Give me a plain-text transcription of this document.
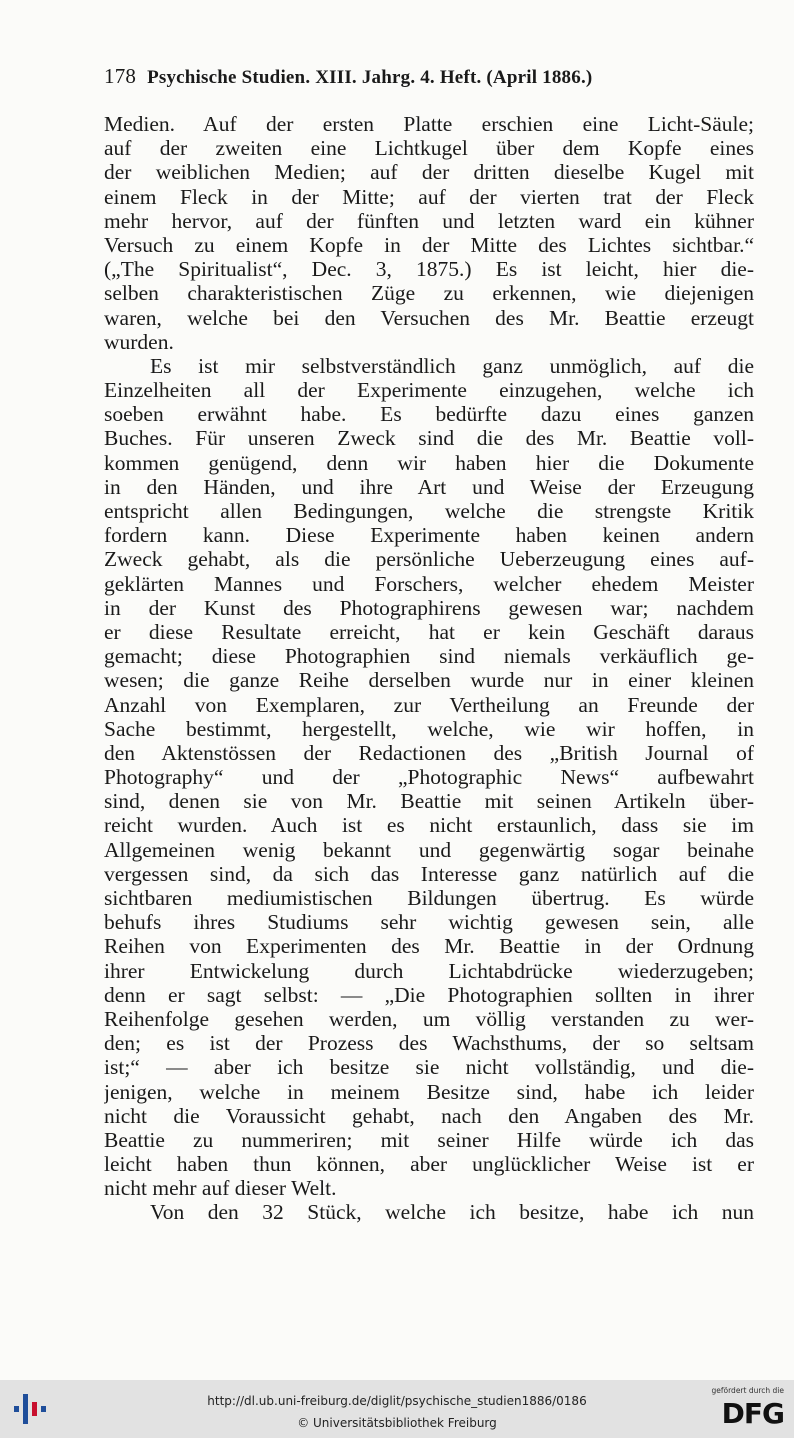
178 Psychische Studien. XIII. Jahrg. 4. Heft. (April 1886.)
Medien. Auf der ersten Platte erschien eine Licht-Säule;
auf der zweiten eine Lichtkugel über dem Kopfe eines
der weiblichen Medien; auf der dritten dieselbe Kugel mit
einem Fleck in der Mitte; auf der vierten trat der Fleck
mehr hervor, auf der fünften und letzten ward ein kühner
Versuch zu einem Kopfe in der Mitte des Lichtes sichtbar.“
(„The Spiritualist“, Dec. 3, 1875.) Es ist leicht, hier die-
selben charakteristischen Züge zu erkennen, wie diejenigen
waren, welche bei den Versuchen des Mr. Beattie erzeugt
wurden.
Es ist mir selbstverständlich ganz unmöglich, auf die
Einzelheiten all der Experimente einzugehen, welche ich
soeben erwähnt habe. Es bedürfte dazu eines ganzen
Buches. Für unseren Zweck sind die des Mr. Beattie voll-
kommen genügend, denn wir haben hier die Dokumente
in den Händen, und ihre Art und Weise der Erzeugung
entspricht allen Bedingungen, welche die strengste Kritik
fordern kann. Diese Experimente haben keinen andern
Zweck gehabt, als die persönliche Ueberzeugung eines auf-
geklärten Mannes und Forschers, welcher ehedem Meister
in der Kunst des Photographirens gewesen war; nachdem
er diese Resultate erreicht, hat er kein Geschäft daraus
gemacht; diese Photographien sind niemals verkäuflich ge-
wesen; die ganze Reihe derselben wurde nur in einer kleinen
Anzahl von Exemplaren, zur Vertheilung an Freunde der
Sache bestimmt, hergestellt, welche, wie wir hoffen, in
den Aktenstössen der Redactionen des „British Journal of
Photography“ und der „Photographic News“ aufbewahrt
sind, denen sie von Mr. Beattie mit seinen Artikeln über-
reicht wurden. Auch ist es nicht erstaunlich, dass sie im
Allgemeinen wenig bekannt und gegenwärtig sogar beinahe
vergessen sind, da sich das Interesse ganz natürlich auf die
sichtbaren mediumistischen Bildungen übertrug. Es würde
behufs ihres Studiums sehr wichtig gewesen sein, alle
Reihen von Experimenten des Mr. Beattie in der Ordnung
ihrer Entwickelung durch Lichtabdrücke wiederzugeben;
denn er sagt selbst: — „Die Photographien sollten in ihrer
Reihenfolge gesehen werden, um völlig verstanden zu wer-
den; es ist der Prozess des Wachsthums, der so seltsam
ist;“ — aber ich besitze sie nicht vollständig, und die-
jenigen, welche in meinem Besitze sind, habe ich leider
nicht die Voraussicht gehabt, nach den Angaben des Mr.
Beattie zu nummeriren; mit seiner Hilfe würde ich das
leicht haben thun können, aber unglücklicher Weise ist er
nicht mehr auf dieser Welt.
Von den 32 Stück, welche ich besitze, habe ich nun
http://dl.ub.uni-freiburg.de/diglit/psychische_studien1886/0186
© Universitätsbibliothek Freiburg
gefördert durch die
DFG
